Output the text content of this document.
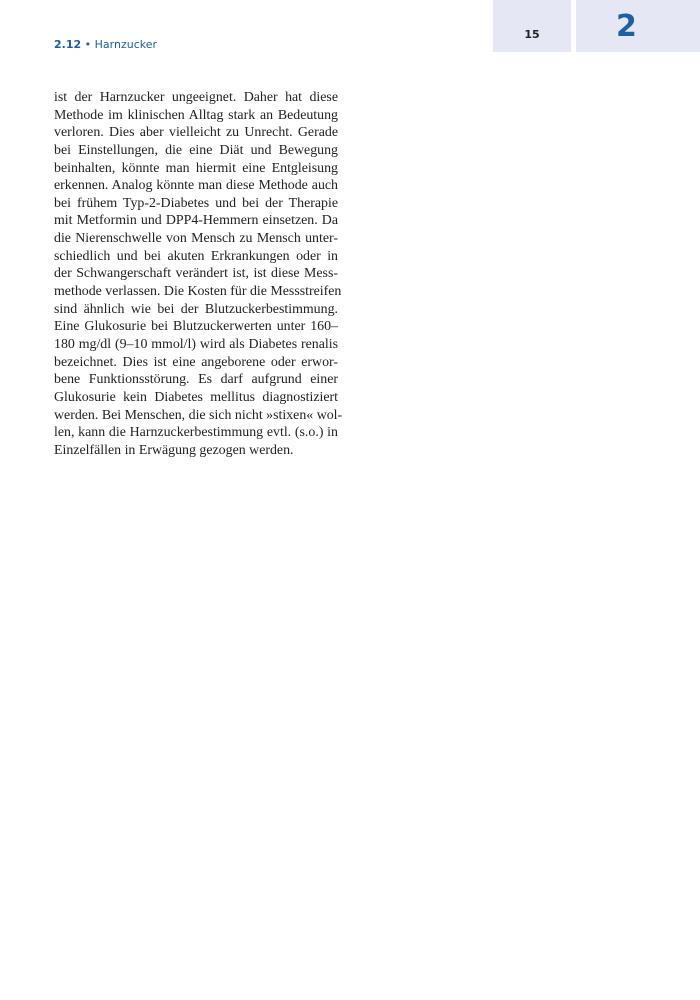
2.12 • Harnzucker
15	2
ist der Harnzucker ungeeignet. Daher hat diese
Methode im klinischen Alltag stark an Bedeutung
verloren. Dies aber vielleicht zu Unrecht. Gerade
bei Einstellungen, die eine Diät und Bewegung
beinhalten, könnte man hiermit eine Entgleisung
erkennen. Analog könnte man diese Methode auch
bei frühem Typ-2-Diabetes und bei der Therapie
mit Metformin und DPP4-Hemmern einsetzen. Da
die Nierenschwelle von Mensch zu Mensch unter-
schiedlich und bei akuten Erkrankungen oder in
der Schwangerschaft verändert ist, ist diese Mess-
methode verlassen. Die Kosten für die Messstreifen
sind ähnlich wie bei der Blutzuckerbestimmung.
Eine Glukosurie bei Blutzuckerwerten unter 160–
180 mg/dl (9–10 mmol/l) wird als Diabetes renalis
bezeichnet. Dies ist eine angeborene oder erwor-
bene Funktionsstörung. Es darf aufgrund einer
Glukosurie kein Diabetes mellitus diagnostiziert
werden. Bei Menschen, die sich nicht »stixen« wol-
len, kann die Harnzuckerbestimmung evtl. (s.o.) in
Einzelfällen in Erwägung gezogen werden.
